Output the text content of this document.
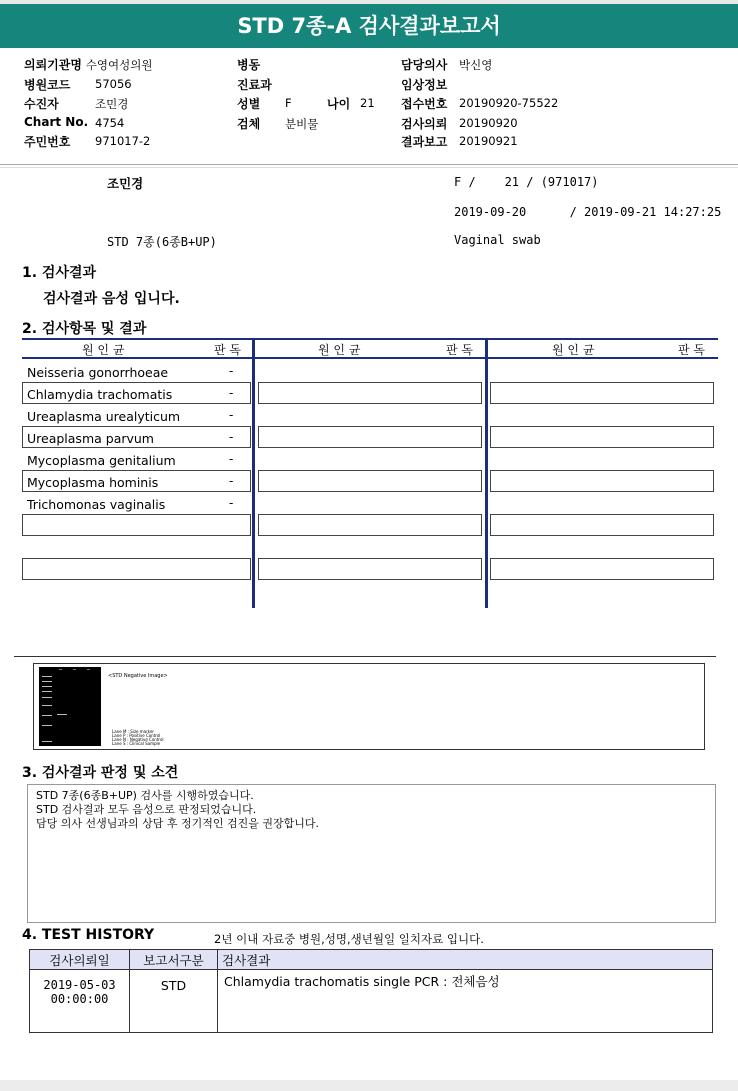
STD 7종-A 검사결과보고서
의뢰기관명 수영여성의원
병원코드 57056
수진자	조민경
Chart No. 4754
주민번호 971017-2
병동
진료과
성별 F	나이 21
검체 분비물
담당의사 박신영
임상정보
접수번호 20190920-75522
검사의뢰 20190920
결과보고 20190921
조민경	F /    21 / (971017)
2019-09-20      / 2019-09-21 14:27:25
STD 7종(6종B+UP)	Vaginal swab
1. 검사결과
검사결과 음성 입니다.
2. 검사항목 및 결과
원 인 균	판 독	원 인 균	판 독	원 인 균	판 독
Neisseria gonorrhoeae	-
Chlamydia trachomatis	-
Ureaplasma urealyticum	-
Ureaplasma parvum	-
Mycoplasma genitalium	-
Mycoplasma hominis	-
Trichomonas vaginalis	-
<STD Negative Image>
Lane M : Size marker
Lane P : Positive Control
Lane N : Negative Control
Lane S : Clinical Sample
3. 검사결과 판정 및 소견
STD 7종(6종B+UP) 검사를 시행하였습니다.
STD 검사결과 모두 음성으로 판정되었습니다.
담당 의사 선생님과의 상담 후 정기적인 검진을 권장합니다.
4. TEST HISTORY	2년 이내 자료중 병원,성명,생년월일 일치자료 입니다.
검사의뢰일	보고서구분	검사결과

2019-05-03
00:00:00	STD	Chlamydia trachomatis single PCR : 전체음성
